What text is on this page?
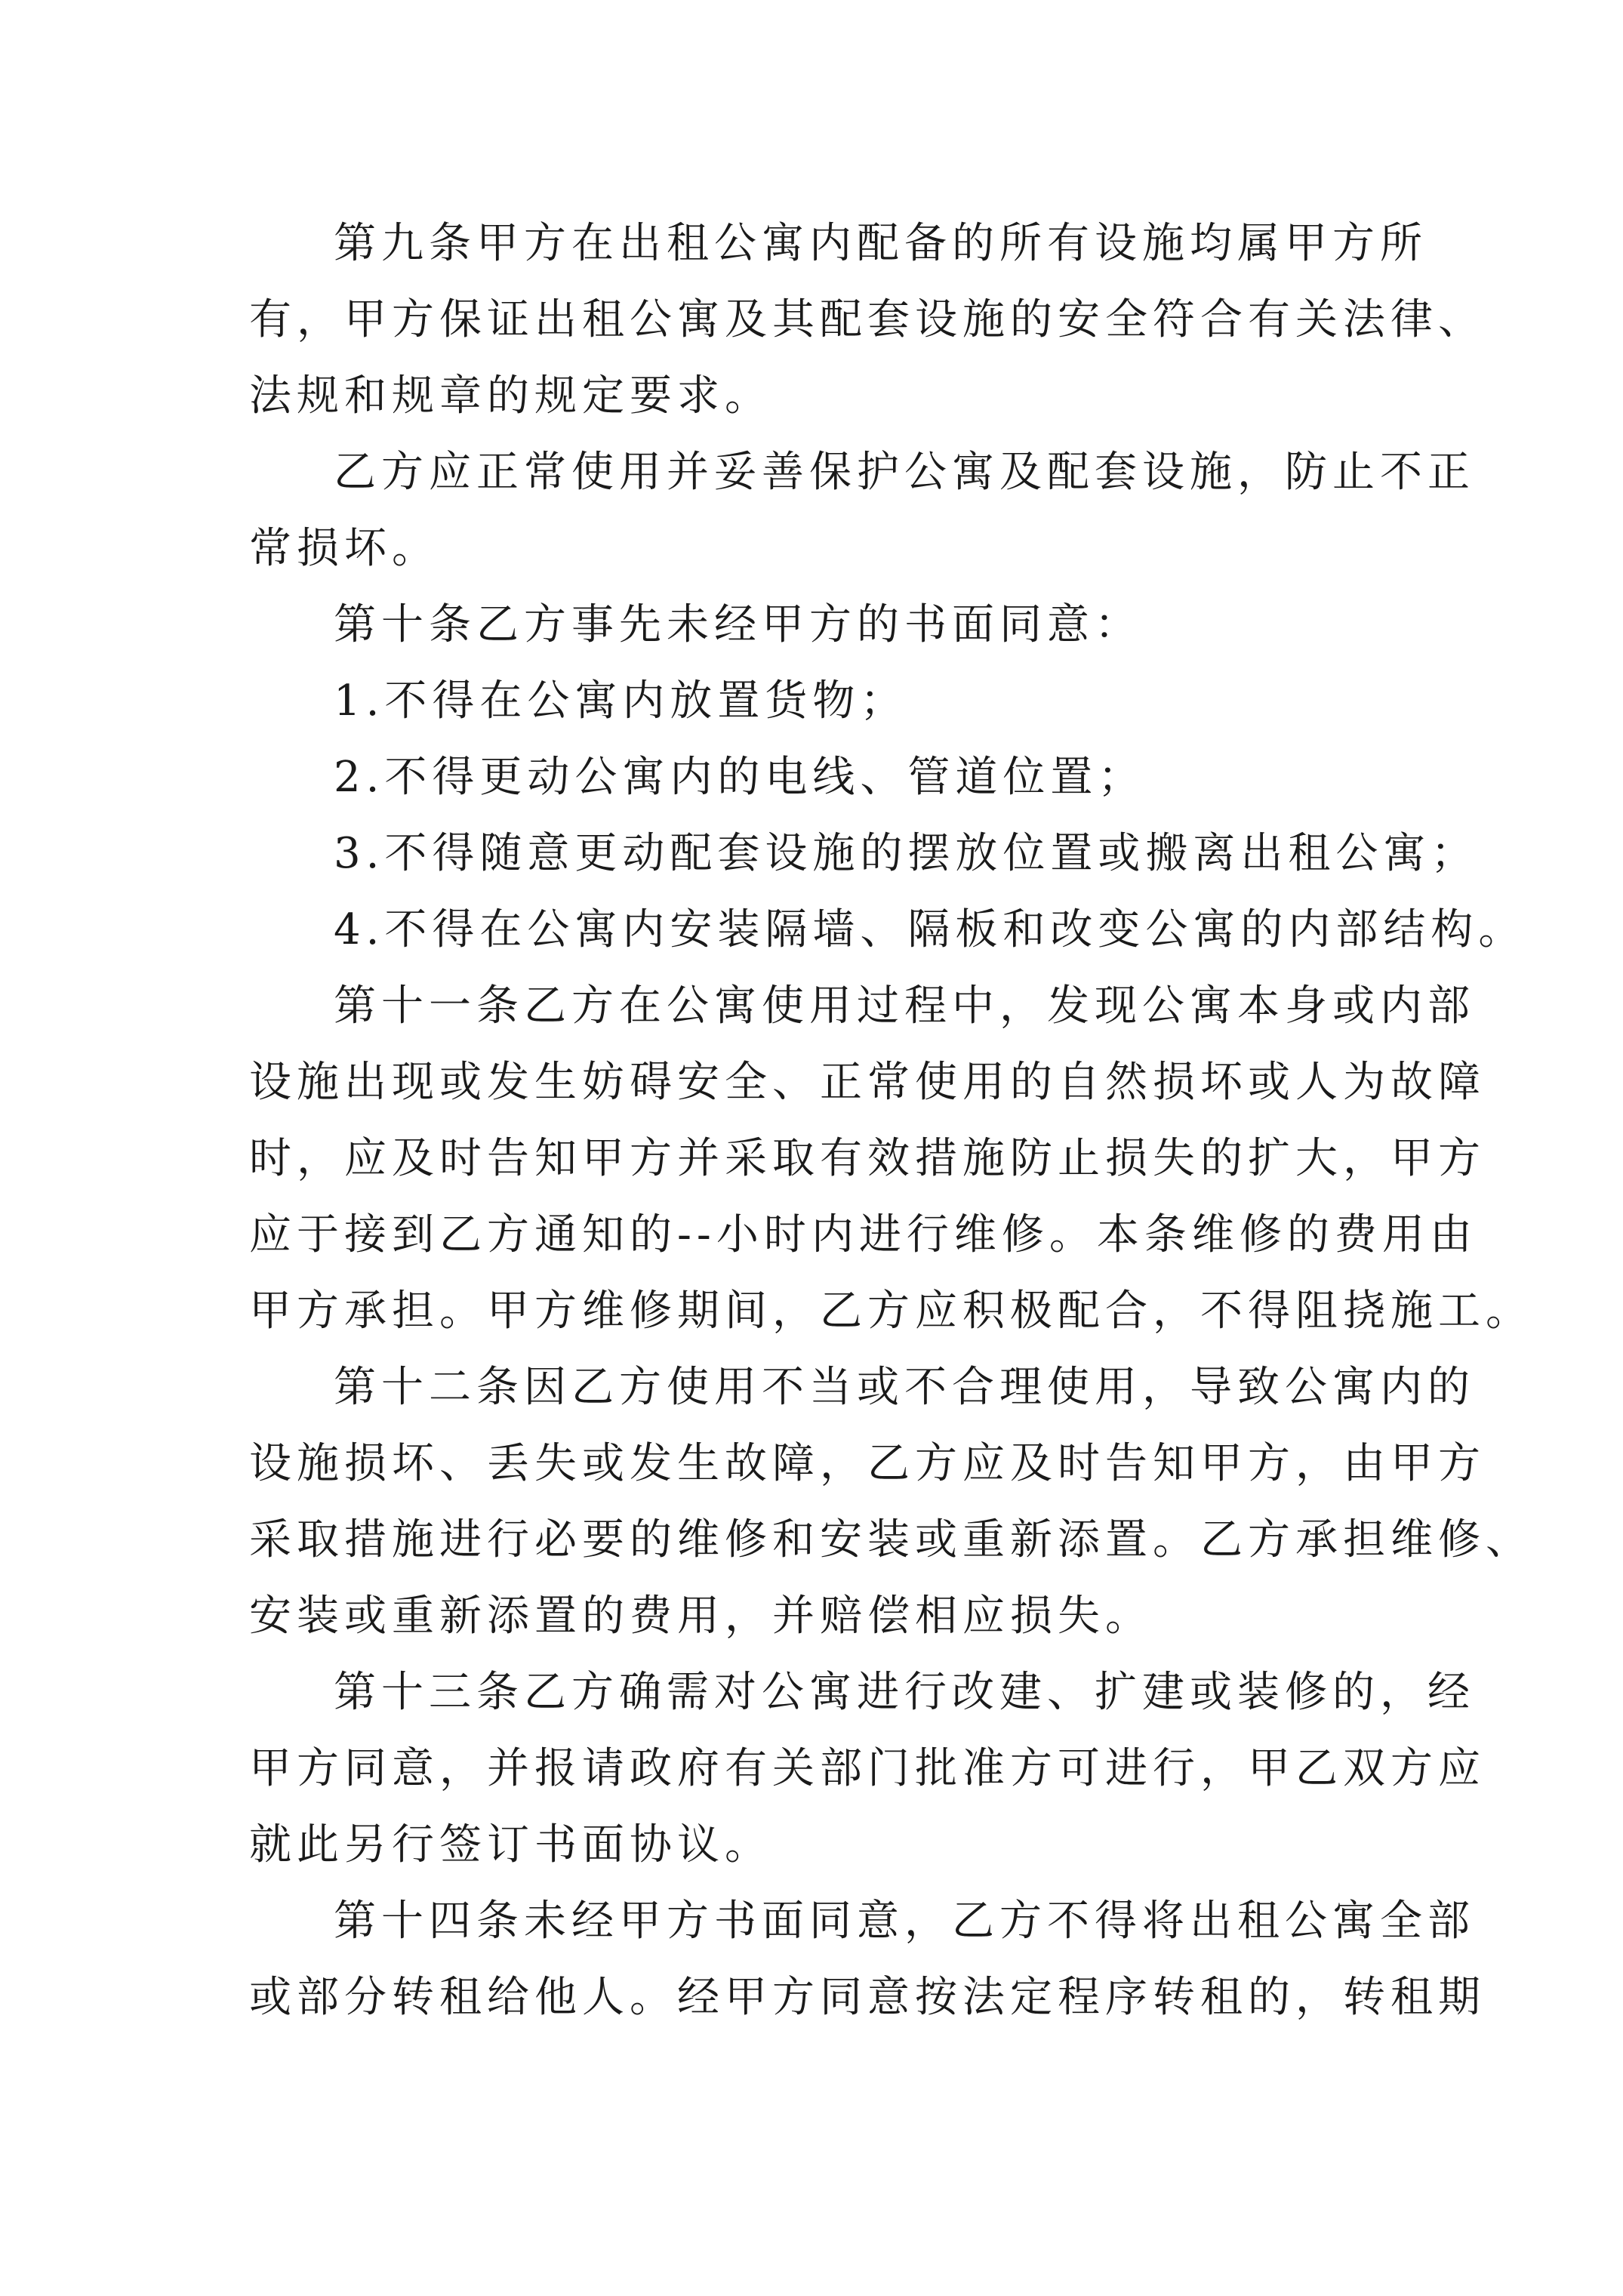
第九条甲方在出租公寓内配备的所有设施均属甲方所
有，甲方保证出租公寓及其配套设施的安全符合有关法律、
法规和规章的规定要求。
乙方应正常使用并妥善保护公寓及配套设施，防止不正
常损坏。
第十条乙方事先未经甲方的书面同意：
1.不得在公寓内放置货物；
2.不得更动公寓内的电线、管道位置；
3.不得随意更动配套设施的摆放位置或搬离出租公寓；
4.不得在公寓内安装隔墙、隔板和改变公寓的内部结构。
第十一条乙方在公寓使用过程中，发现公寓本身或内部
设施出现或发生妨碍安全、正常使用的自然损坏或人为故障
时，应及时告知甲方并采取有效措施防止损失的扩大，甲方
应于接到乙方通知的--小时内进行维修。本条维修的费用由
甲方承担。甲方维修期间，乙方应积极配合，不得阻挠施工。
第十二条因乙方使用不当或不合理使用，导致公寓内的
设施损坏、丢失或发生故障，乙方应及时告知甲方，由甲方
采取措施进行必要的维修和安装或重新添置。乙方承担维修、
安装或重新添置的费用，并赔偿相应损失。
第十三条乙方确需对公寓进行改建、扩建或装修的，经
甲方同意，并报请政府有关部门批准方可进行，甲乙双方应
就此另行签订书面协议。
第十四条未经甲方书面同意，乙方不得将出租公寓全部
或部分转租给他人。经甲方同意按法定程序转租的，转租期
